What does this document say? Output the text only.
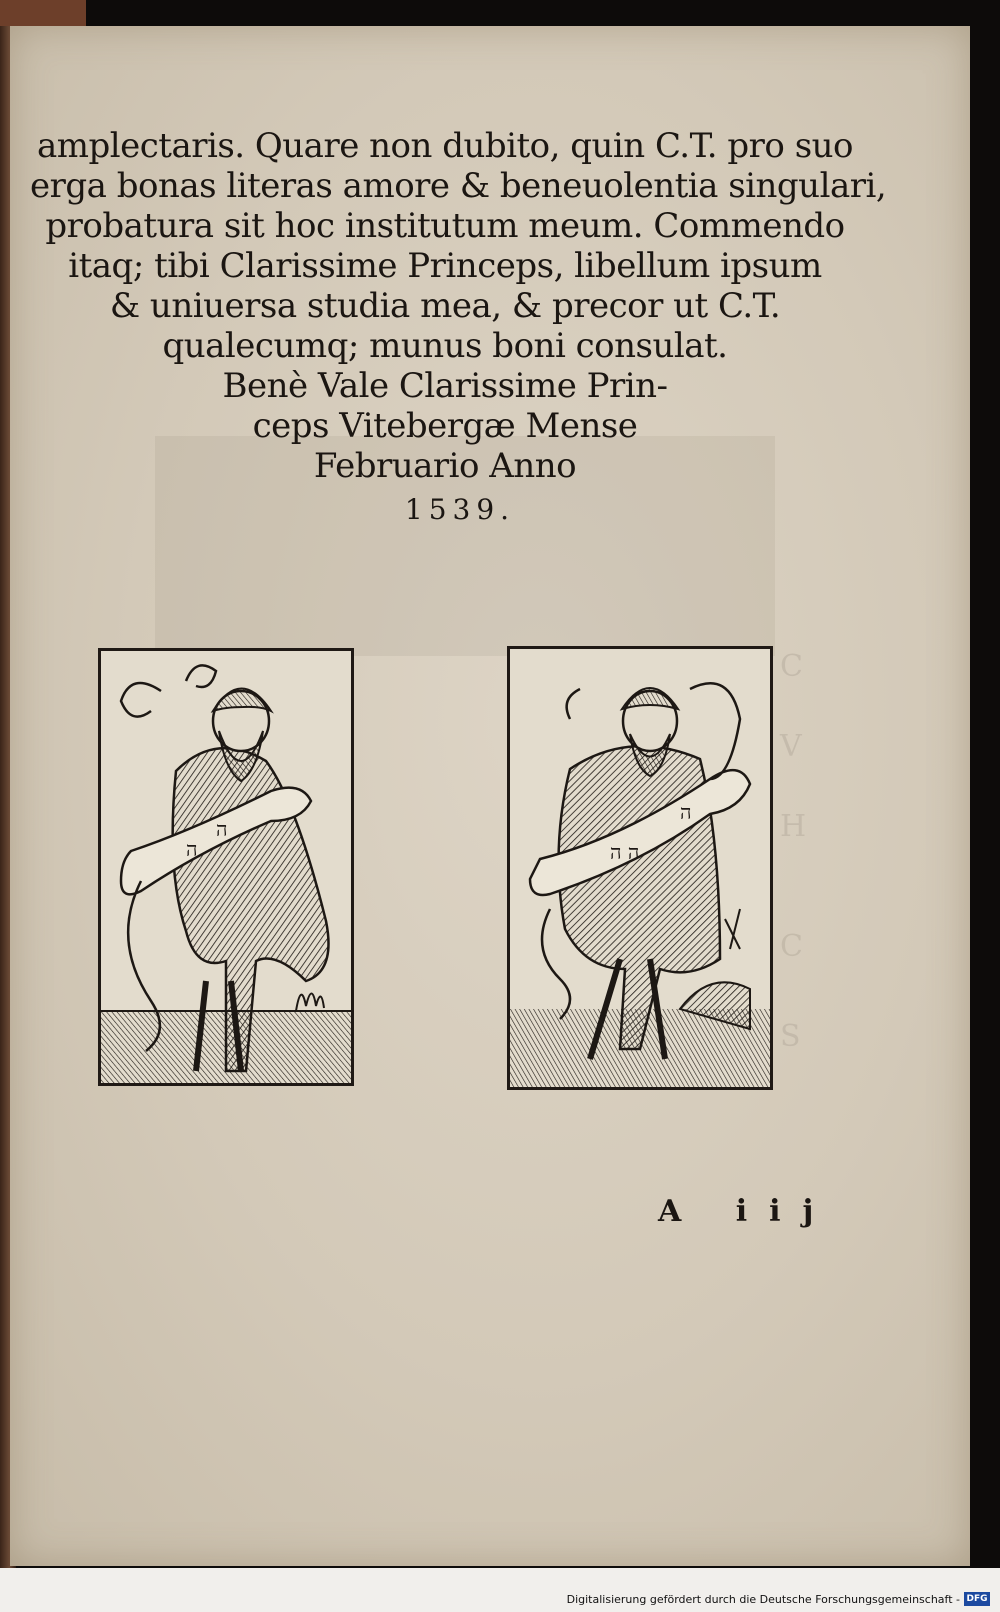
C
V
H
C
S
amplectaris. Quare non dubito, quin C.T. pro suo
erga bonas literas amore & beneuolentia singulari,
probatura sit hoc institutum meum. Commendo
itaq; tibi Clarissime Princeps, libellum ipsum
& uniuersa studia mea, & precor ut C.T.
qualecumq; munus boni consulat.
Benè Vale Clarissime Prin-
ceps Vitebergæ Mense
Februario Anno
1539.
ה
ה
ה ה
ה
A iij
Digitalisierung gefördert durch die Deutsche Forschungsgemeinschaft - DFG
